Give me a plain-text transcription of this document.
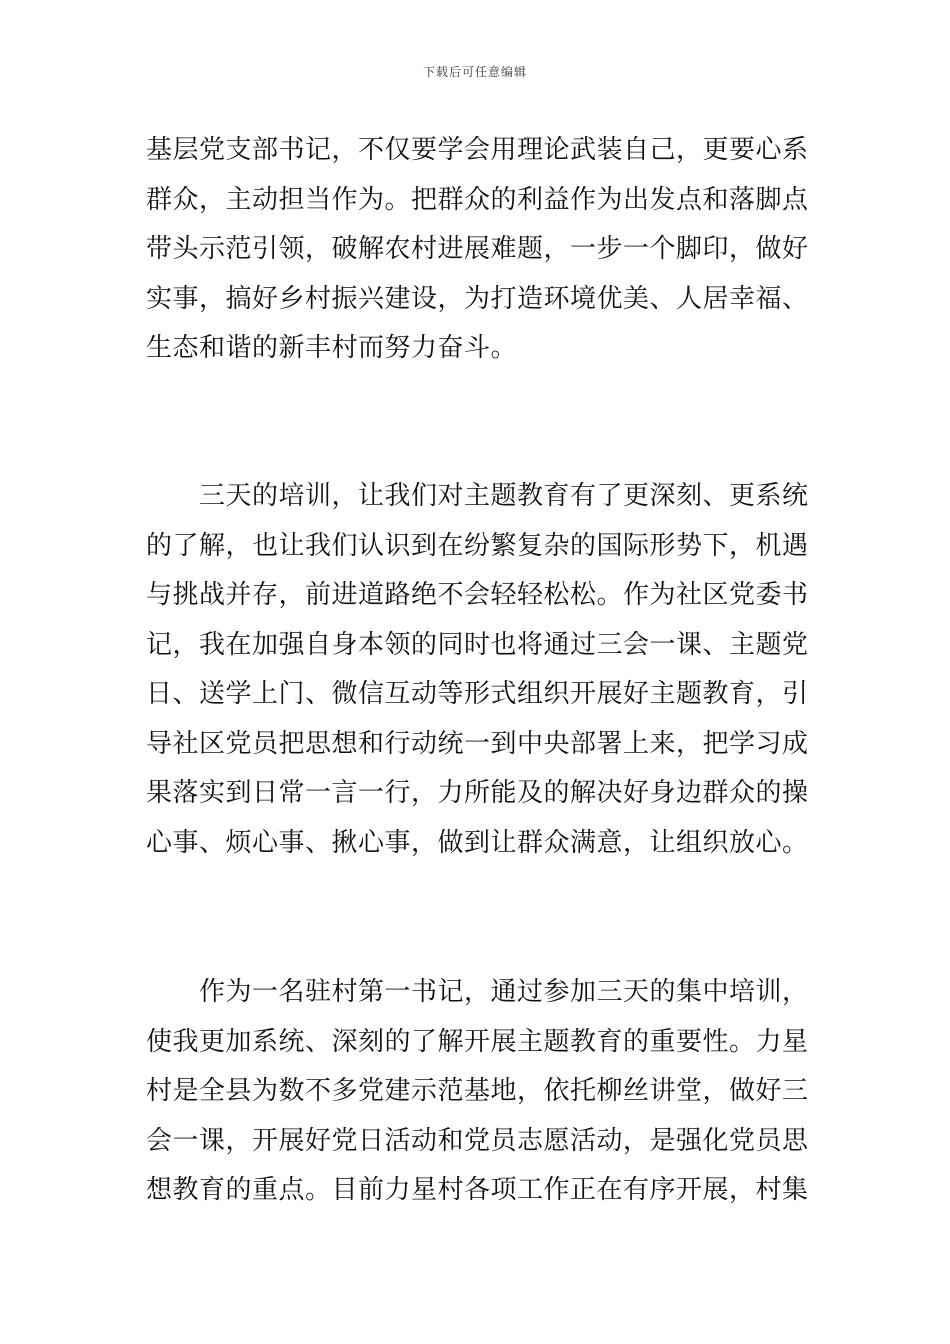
下载后可任意编辑
基层党支部书记，不仅要学会用理论武装自己，更要心系
群众，主动担当作为。把群众的利益作为出发点和落脚点
带头示范引领，破解农村进展难题，一步一个脚印，做好
实事，搞好乡村振兴建设，为打造环境优美、人居幸福、
生态和谐的新丰村而努力奋斗。
　　三天的培训，让我们对主题教育有了更深刻、更系统
的了解，也让我们认识到在纷繁复杂的国际形势下，机遇
与挑战并存，前进道路绝不会轻轻松松。作为社区党委书
记，我在加强自身本领的同时也将通过三会一课、主题党
日、送学上门、微信互动等形式组织开展好主题教育，引
导社区党员把思想和行动统一到中央部署上来，把学习成
果落实到日常一言一行，力所能及的解决好身边群众的操
心事、烦心事、揪心事，做到让群众满意，让组织放心。
　　作为一名驻村第一书记，通过参加三天的集中培训，
使我更加系统、深刻的了解开展主题教育的重要性。力星
村是全县为数不多党建示范基地，依托柳丝讲堂，做好三
会一课，开展好党日活动和党员志愿活动，是强化党员思
想教育的重点。目前力星村各项工作正在有序开展，村集
